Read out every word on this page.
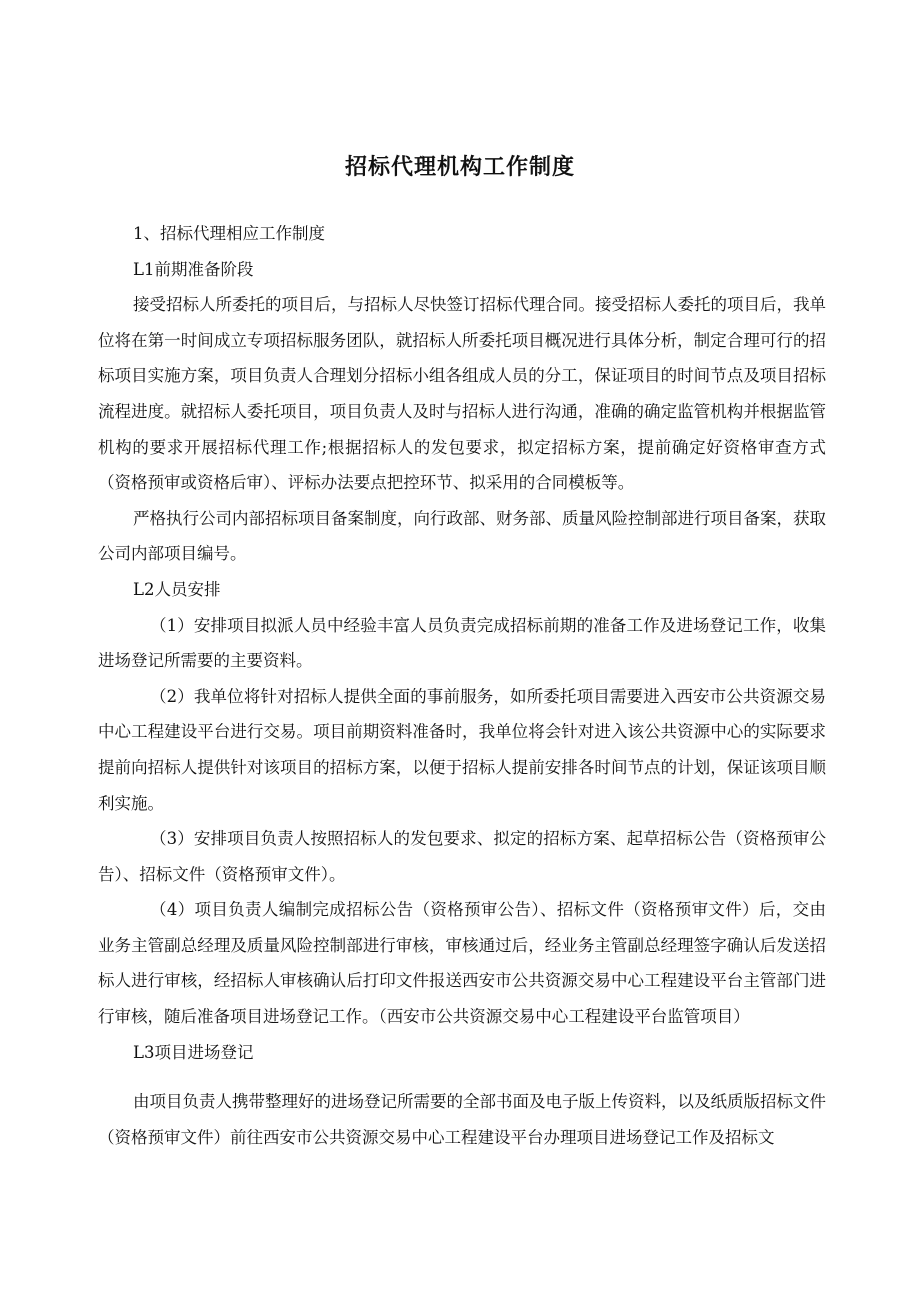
招标代理机构工作制度

1、招标代理相应工作制度

L1前期准备阶段

接受招标人所委托的项目后，与招标人尽快签订招标代理合同。接受招标人委托的项目后，我单位将在第一时间成立专项招标服务团队，就招标人所委托项目概况进行具体分析，制定合理可行的招标项目实施方案，项目负责人合理划分招标小组各组成人员的分工，保证项目的时间节点及项目招标流程进度。就招标人委托项目，项目负责人及时与招标人进行沟通，准确的确定监管机构并根据监管机构的要求开展招标代理工作;根据招标人的发包要求，拟定招标方案，提前确定好资格审查方式（资格预审或资格后审）、评标办法要点把控环节、拟采用的合同模板等。

严格执行公司内部招标项目备案制度，向行政部、财务部、质量风险控制部进行项目备案，获取公司内部项目编号。

L2人员安排

（1）安排项目拟派人员中经验丰富人员负责完成招标前期的准备工作及进场登记工作，收集进场登记所需要的主要资料。

（2）我单位将针对招标人提供全面的事前服务，如所委托项目需要进入西安市公共资源交易中心工程建设平台进行交易。项目前期资料准备时，我单位将会针对进入该公共资源中心的实际要求提前向招标人提供针对该项目的招标方案，以便于招标人提前安排各时间节点的计划，保证该项目顺利实施。

（3）安排项目负责人按照招标人的发包要求、拟定的招标方案、起草招标公告（资格预审公告）、招标文件（资格预审文件）。

（4）项目负责人编制完成招标公告（资格预审公告）、招标文件（资格预审文件）后，交由业务主管副总经理及质量风险控制部进行审核，审核通过后，经业务主管副总经理签字确认后发送招标人进行审核，经招标人审核确认后打印文件报送西安市公共资源交易中心工程建设平台主管部门进行审核，随后准备项目进场登记工作。（西安市公共资源交易中心工程建设平台监管项目）

L3项目进场登记

由项目负责人携带整理好的进场登记所需要的全部书面及电子版上传资料，以及纸质版招标文件（资格预审文件）前往西安市公共资源交易中心工程建设平台办理项目进场登记工作及招标文
